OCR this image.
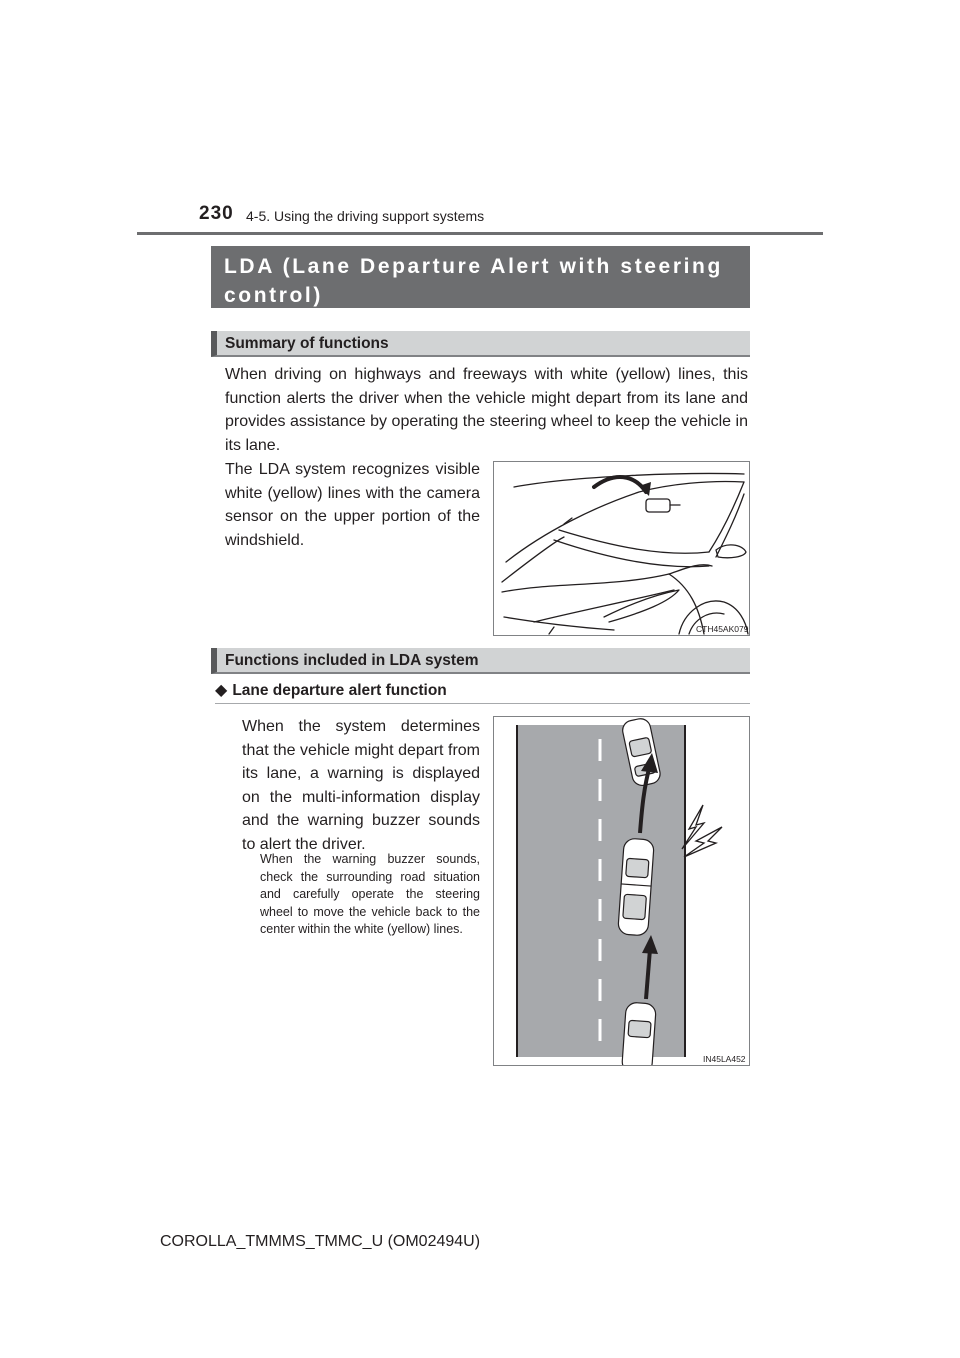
230 4-5. Using the driving support systems
LDA (Lane Departure Alert with steering
control)
Summary of functions
When driving on highways and freeways with white (yellow) lines, this function alerts the driver when the vehicle might depart from its lane and provides assistance by operating the steering wheel to keep the vehicle in its lane.
The LDA system recognizes visible white (yellow) lines with the camera sensor on the upper portion of the windshield.
CTH45AK079
Functions included in LDA system
◆ Lane departure alert function
When the system determines that the vehicle might depart from its lane, a warning is displayed on the multi-information display and the warning buzzer sounds to alert the driver.
When the warning buzzer sounds, check the surrounding road situation and carefully operate the steering wheel to move the vehicle back to the center within the white (yellow) lines.
IN45LA452
COROLLA_TMMMS_TMMC_U (OM02494U)
